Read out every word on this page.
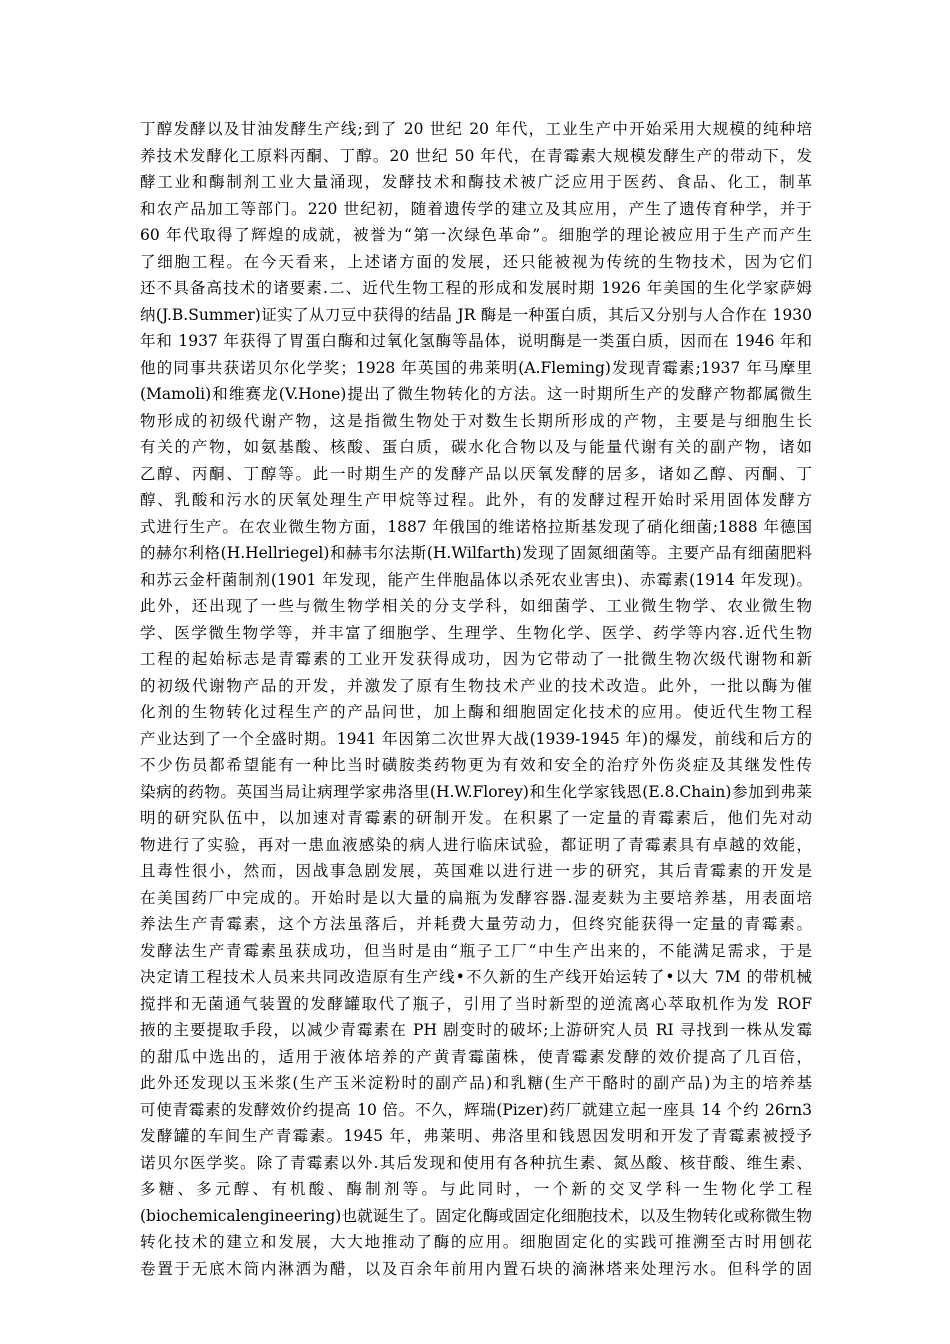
丁醇发酵以及甘油发酵生产线;到了 20 世纪 20 年代，工业生产中开始采用大规模的纯种培
养技术发酵化工原料丙酮、丁醇。20 世纪 50 年代，在青霉素大规模发酵生产的带动下，发
酵工业和酶制剂工业大量涌现，发酵技术和酶技术被广泛应用于医药、食品、化工，制革
和农产品加工等部门。220 世纪初，随着遗传学的建立及其应用，产生了遗传育种学，并于
60 年代取得了辉煌的成就，被誉为“第一次绿色革命”。细胞学的理论被应用于生产而产生
了细胞工程。在今天看来，上述诸方面的发展，还只能被视为传统的生物技术，因为它们
还不具备高技术的诸要素.二、近代生物工程的形成和发展时期 1926 年美国的生化学家萨姆
纳(J.B.Summer)证实了从刀豆中获得的结晶 JR 酶是一种蛋白质，其后又分别与人合作在 1930
年和 1937 年获得了胃蛋白酶和过氧化氢酶等晶体，说明酶是一类蛋白质，因而在 1946 年和
他的同事共获诺贝尔化学奖；1928 年英国的弗莱明(A.Fleming)发现青霉素;1937 年马摩里
(Mamoli)和维赛龙(V.Hone)提出了微生物转化的方法。这一时期所生产的发酵产物都属微生
物形成的初级代谢产物，这是指微生物处于对数生长期所形成的产物，主要是与细胞生长
有关的产物，如氨基酸、核酸、蛋白质，碳水化合物以及与能量代谢有关的副产物，诸如
乙醇、丙酮、丁醇等。此一时期生产的发酵产品以厌氧发酵的居多，诸如乙醇、丙酮、丁
醇、乳酸和污水的厌氧处理生产甲烷等过程。此外，有的发酵过程开始时采用固体发酵方
式进行生产。在农业微生物方面，1887 年俄国的维诺格拉斯基发现了硝化细菌;1888 年德国
的赫尔利格(H.Hellriegel)和赫韦尔法斯(H.Wilfarth)发现了固氮细菌等。主要产品有细菌肥料
和苏云金杆菌制剂(1901 年发现，能产生伴胞晶体以杀死农业害虫)、赤霉素(1914 年发现)。
此外，还出现了一些与微生物学相关的分支学科，如细菌学、工业微生物学、农业微生物
学、医学微生物学等，并丰富了细胞学、生理学、生物化学、医学、药学等内容.近代生物
工程的起始标志是青霉素的工业开发获得成功，因为它带动了一批微生物次级代谢物和新
的初级代谢物产品的开发，并激发了原有生物技术产业的技术改造。此外，一批以酶为催
化剂的生物转化过程生产的产品问世，加上酶和细胞固定化技术的应用。使近代生物工程
产业达到了一个全盛时期。1941 年因第二次世界大战(1939-1945 年)的爆发，前线和后方的
不少伤员都希望能有一种比当时磺胺类药物更为有效和安全的治疗外伤炎症及其继发性传
染病的药物。英国当局让病理学家弗洛里(H.W.Florey)和生化学家钱恩(E.8.Chain)参加到弗莱
明的研究队伍中，以加速对青霉素的研制开发。在积累了一定量的青霉素后，他们先对动
物进行了实验，再对一患血液感染的病人进行临床试验，都证明了青霉素具有卓越的效能，
且毒性很小，然而，因战事急剧发展，英国难以进行进一步的研究，其后青霉素的开发是
在美国药厂中完成的。开始时是以大量的扁瓶为发酵容器.湿麦麸为主要培养基，用表面培
养法生产青霉素，这个方法虽落后，并耗费大量劳动力，但终究能获得一定量的青霉素。
发酵法生产青霉素虽获成功，但当时是由“瓶子工厂“中生产出来的，不能满足需求，于是
决定请工程技术人员来共同改造原有生产线•不久新的生产线开始运转了•以大 7M 的带机械
搅拌和无菌通气装置的发酵罐取代了瓶子，引用了当时新型的逆流离心萃取机作为发 ROF
掖的主要提取手段，以减少青霉素在 PH 剧变时的破坏;上游研究人员 RI 寻找到一株从发霉
的甜瓜中选出的，适用于液体培养的产黄青霉菌株，使青霉素发酵的效价提高了几百倍，
此外还发现以玉米浆(生产玉米淀粉时的副产品)和乳糖(生产干酪时的副产品)为主的培养基
可使青霉素的发酵效价约提高 10 倍。不久，辉瑞(Pizer)药厂就建立起一座具 14 个约 26rn3
发酵罐的车间生产青霉素。1945 年，弗莱明、弗洛里和钱恩因发明和开发了青霉素被授予
诺贝尔医学奖。除了青霉素以外.其后发现和使用有各种抗生素、氮丛酸、核苷酸、维生素、
多糖、多元醇、有机酸、酶制剂等。与此同时，一个新的交叉学科一生物化学工程
(biochemicalengineering)也就诞生了。固定化酶或固定化细胞技术，以及生物转化或称微生物
转化技术的建立和发展，大大地推动了酶的应用。细胞固定化的实践可推溯至古时用刨花
卷置于无底木筒内淋洒为醋，以及百余年前用内置石块的滴淋塔来处理污水。但科学的固
